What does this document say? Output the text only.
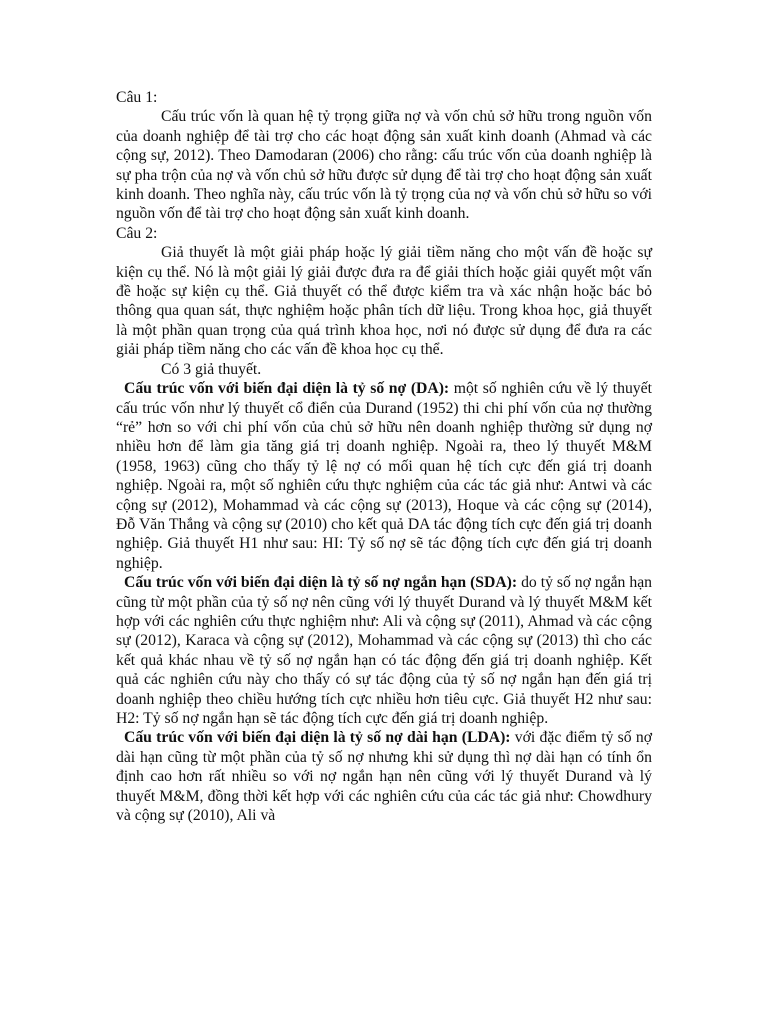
Câu 1:

Cấu trúc vốn là quan hệ tỷ trọng giữa nợ và vốn chủ sở hữu trong nguồn vốn của doanh nghiệp để tài trợ cho các hoạt động sản xuất kinh doanh (Ahmad và các cộng sự, 2012). Theo Damodaran (2006) cho rằng: cấu trúc vốn của doanh nghiệp là sự pha trộn của nợ và vốn chủ sở hữu được sử dụng để tài trợ cho hoạt động sản xuất kinh doanh. Theo nghĩa này, cấu trúc vốn là tỷ trọng của nợ và vốn chủ sở hữu so với nguồn vốn để tài trợ cho hoạt động sản xuất kinh doanh.

Câu 2:

Giả thuyết là một giải pháp hoặc lý giải tiềm năng cho một vấn đề hoặc sự kiện cụ thể. Nó là một giải lý giải được đưa ra để giải thích hoặc giải quyết một vấn đề hoặc sự kiện cụ thể. Giả thuyết có thể được kiểm tra và xác nhận hoặc bác bỏ thông qua quan sát, thực nghiệm hoặc phân tích dữ liệu. Trong khoa học, giả thuyết là một phần quan trọng của quá trình khoa học, nơi nó được sử dụng để đưa ra các giải pháp tiềm năng cho các vấn đề khoa học cụ thể.

Có 3 giả thuyết.

Cấu trúc vốn với biến đại diện là tỷ số nợ (DA): một số nghiên cứu về lý thuyết cấu trúc vốn như lý thuyết cổ điển của Durand (1952) thi chi phí vốn của nợ thường “rẻ” hơn so với chi phí vốn của chủ sở hữu nên doanh nghiệp thường sử dụng nợ nhiều hơn để làm gia tăng giá trị doanh nghiệp. Ngoài ra, theo lý thuyết M&M (1958, 1963) cũng cho thấy tỷ lệ nợ có mối quan hệ tích cực đến giá trị doanh nghiệp. Ngoài ra, một số nghiên cứu thực nghiệm của các tác giả như: Antwi và các cộng sự (2012), Mohammad và các cộng sự (2013), Hoque và các cộng sự (2014), Đỗ Văn Thắng và cộng sự (2010) cho kết quả DA tác động tích cực đến giá trị doanh nghiệp. Giả thuyết H1 như sau: HI: Tỷ số nợ sẽ tác động tích cực đến giá trị doanh nghiệp.

Cấu trúc vốn với biến đại diện là tỷ số nợ ngắn hạn (SDA): do tỷ số nợ ngắn hạn cũng từ một phần của tỷ số nợ nên cũng với lý thuyết Durand và lý thuyết M&M kết hợp với các nghiên cứu thực nghiệm như: Ali và cộng sự (2011), Ahmad và các cộng sự (2012), Karaca và cộng sự (2012), Mohammad và các cộng sự (2013) thì cho các kết quả khác nhau về tỷ số nợ ngắn hạn có tác động đến giá trị doanh nghiệp. Kết quả các nghiên cứu này cho thấy có sự tác động của tỷ số nợ ngắn hạn đến giá trị doanh nghiệp theo chiều hướng tích cực nhiều hơn tiêu cực. Giả thuyết H2 như sau: H2: Tỷ số nợ ngắn hạn sẽ tác động tích cực đến giá trị doanh nghiệp.

Cấu trúc vốn với biến đại diện là tỷ số nợ dài hạn (LDA): với đặc điểm tỷ số nợ dài hạn cũng từ một phần của tỷ số nợ nhưng khi sử dụng thì nợ dài hạn có tính ổn định cao hơn rất nhiều so với nợ ngắn hạn nên cũng với lý thuyết Durand và lý thuyết M&M, đồng thời kết hợp với các nghiên cứu của các tác giả như: Chowdhury và cộng sự (2010), Ali và
